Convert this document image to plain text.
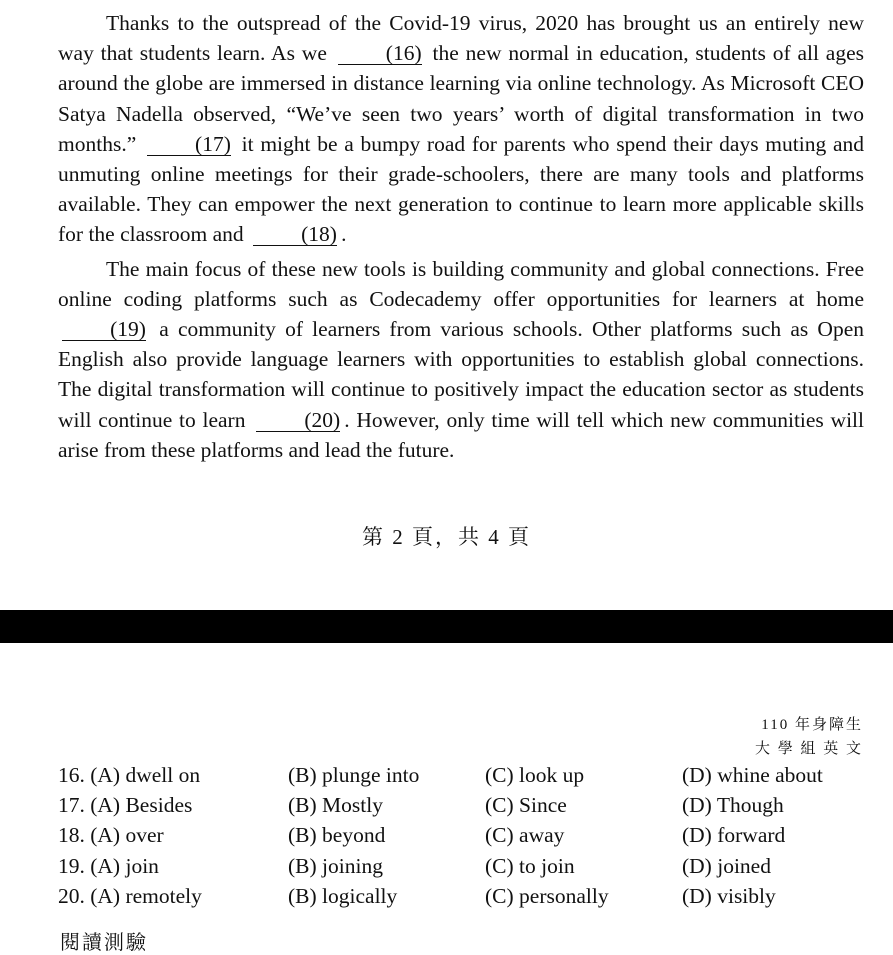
Thanks to the outspread of the Covid-19 virus, 2020 has brought us an entirely new way that students learn. As we	(16) the new normal in education, students of all ages around the globe are immersed in distance learning via online technology. As Microsoft CEO Satya Nadella observed, “We’ve seen two years’ worth of digital transformation in two months.”	(17) it might be a bumpy road for parents who spend their days muting and unmuting online meetings for their grade-schoolers, there are many tools and platforms available. They can empower the next generation to continue to learn more applicable skills for the classroom and	(18) .

The main focus of these new tools is building community and global connections. Free online coding platforms such as Codecademy offer opportunities for learners at home (19) a community of learners from various schools. Other platforms such as Open English also provide language learners with opportunities to establish global connections. The digital transformation will continue to positively impact the education sector as students will continue to learn	(20) . However, only time will tell which new communities will arise from these platforms and lead the future.

第 2 頁，共 4 頁
110 年身障生
大 學 組 英 文
16. (A) dwell on	(B) plunge into	(C) look up	(D) whine about
17. (A) Besides	(B) Mostly	(C) Since	(D) Though
18. (A) over	(B) beyond	(C) away	(D) forward
19. (A) join	(B) joining	(C) to join	(D) joined
20. (A) remotely	(B) logically	(C) personally	(D) visibly
閱讀測驗
